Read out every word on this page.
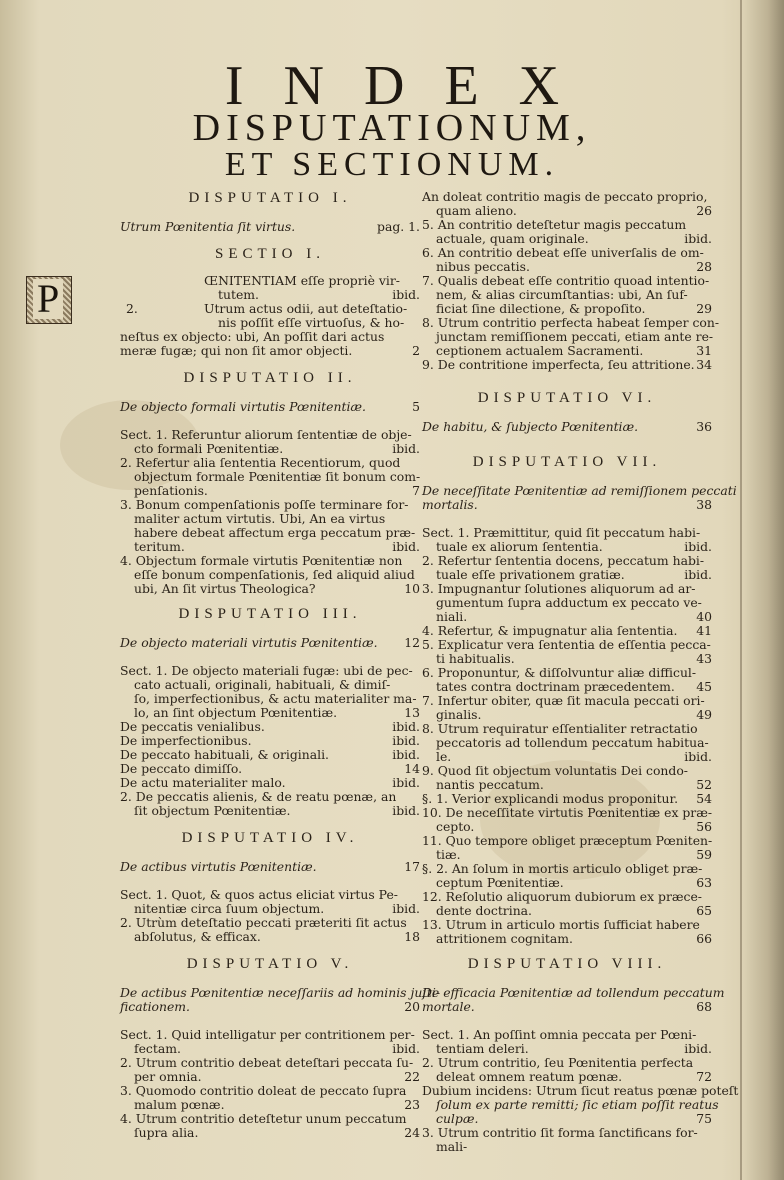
INDEX
DISPUTATIONUM,
ET SECTIONUM.
P
DISPUTATIO I.
Utrum Pœnitentia ſit virtus.	pag. 1.
SECTIO I.
ŒNITENTIAM eſſe propriè vir-
tutem.	ibid.
2.	Utrum actus odii, aut deteſtatio-
nis poſſit eſſe virtuoſus, & ho-
neſtus ex objecto: ubi, An poſſit dari actus
meræ fugæ; qui non ſit amor objecti.	2
DISPUTATIO II.
De objecto formali virtutis Pœnitentiæ.	5
Sect. 1. Referuntur aliorum ſententiæ de obje-
cto formali Pœnitentiæ.	ibid.
2. Refertur alia ſententia Recentiorum, quod
objectum formale Pœnitentiæ ſit bonum com-
penſationis.	7
3. Bonum compenſationis poſſe terminare for-
maliter actum virtutis. Ubi, An ea virtus
habere debeat affectum erga peccatum præ-
teritum.	ibid.
4. Objectum formale virtutis Pœnitentiæ non
eſſe bonum compenſationis, ſed aliquid aliud
ubi, An ſit virtus Theologica?	10
DISPUTATIO III.
De objecto materiali virtutis Pœnitentiæ. 12
Sect. 1. De objecto materiali fugæ: ubi de pec-
cato actuali, originali, habituali, & dimiſ-
ſo, imperfectionibus, & actu materialiter ma-
lo, an ſint objectum Pœnitentiæ.	13
De peccatis venialibus.	ibid.
De imperfectionibus.	ibid.
De peccato habituali, & originali.	ibid.
De peccato dimiſſo.	14
De actu materialiter malo.	ibid.
2. De peccatis alienis, & de reatu pœnæ, an
ſit objectum Pœnitentiæ.	ibid.
DISPUTATIO IV.
De actibus virtutis Pœnitentiæ.	17
Sect. 1. Quot, & quos actus eliciat virtus Pe-
nitentiæ circa ſuum objectum.	ibid.
2. Utrùm deteſtatio peccati præteriti ſit actus
abſolutus, & efficax.	18
DISPUTATIO V.
De actibus Pœnitentiæ neceſſariis ad hominis juſti-
ficationem.	20
Sect. 1. Quid intelligatur per contritionem per-
fectam.	ibid.
2. Utrum contritio debeat deteſtari peccata ſu-
per omnia.	22
3. Quomodo contritio doleat de peccato ſupra
malum pœnæ.	23
4. Utrum contritio deteſtetur unum peccatum
ſupra alia.	24
An doleat contritio magis de peccato proprio,
quam alieno.	26
5. An contritio deteſtetur magis peccatum
actuale, quam originale.	ibid.
6. An contritio debeat eſſe univerſalis de om-
nibus peccatis.	28
7. Qualis debeat eſſe contritio quoad intentio-
nem, & alias circumſtantias: ubi, An ſuf-
ficiat ſine dilectione, & propoſito.	29
8. Utrum contritio perfecta habeat ſemper con-
junctam remiſſionem peccati, etiam ante re-
ceptionem actualem Sacramenti.	31
9. De contritione imperfecta, ſeu attritione. 34
DISPUTATIO VI.
De habitu, & ſubjecto Pœnitentiæ.	36
DISPUTATIO VII.
De neceſſitate Pœnitentiæ ad remiſſionem peccati
mortalis.	38
Sect. 1. Præmittitur, quid ſit peccatum habi-
tuale ex aliorum ſententia.	ibid.
2. Refertur ſententia docens, peccatum habi-
tuale eſſe privationem gratiæ.	ibid.
3. Impugnantur ſolutiones aliquorum ad ar-
gumentum ſupra adductum ex peccato ve-
niali.	40
4. Refertur, & impugnatur alia ſententia. 41
5. Explicatur vera ſententia de eſſentia pecca-
ti habitualis.	43
6. Proponuntur, & diſſolvuntur aliæ difficul-
tates contra doctrinam præcedentem. 45
7. Infertur obiter, quæ ſit macula peccati ori-
ginalis.	49
8. Utrum requiratur eſſentialiter retractatio
peccatoris ad tollendum peccatum habitua-
le.	ibid.
9. Quod ſit objectum voluntatis Dei condo-
nantis peccatum.	52
§. 1. Verior explicandi modus proponitur. 54
10. De neceſſitate virtutis Pœnitentiæ ex præ-
cepto.	56
11. Quo tempore obliget præceptum Pœniten-
tiæ.	59
§. 2. An ſolum in mortis articulo obliget præ-
ceptum Pœnitentiæ.	63
12. Reſolutio aliquorum dubiorum ex præce-
dente doctrina.	65
13. Utrum in articulo mortis ſufficiat habere
attritionem cognitam.	66
DISPUTATIO VIII.
De efficacia Pœnitentiæ ad tollendum peccatum
mortale.	68
Sect. 1. An poſſint omnia peccata per Pœni-
tentiam deleri.	ibid.
2. Utrum contritio, ſeu Pœnitentia perfecta
deleat omnem reatum pœnæ.	72
Dubium incidens: Utrum ſicut reatus pœnæ poteſt
ſolum ex parte remitti; ſic etiam poſſit reatus
culpæ.	75
3. Utrum contritio ſit forma ſanctificans for-
mali-
